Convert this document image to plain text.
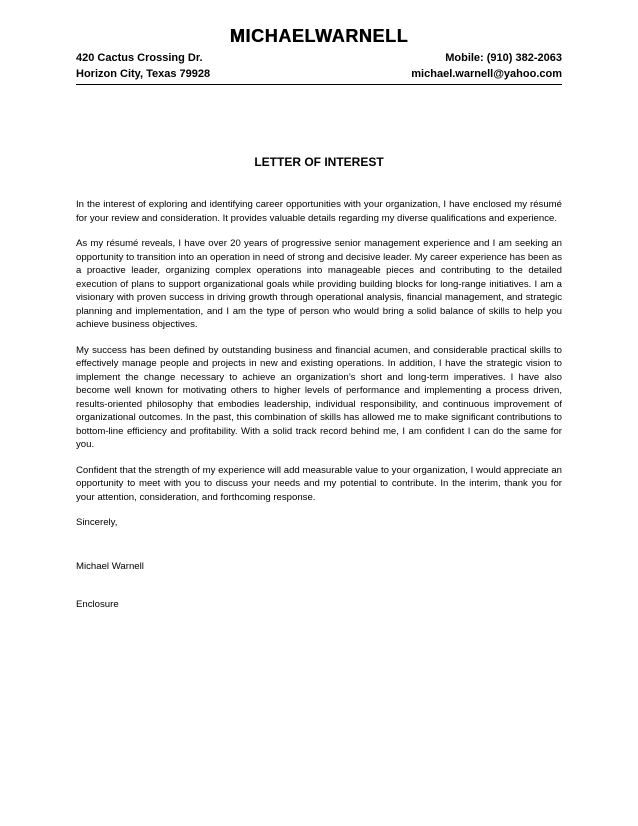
MICHAELWARNELL
420 Cactus Crossing Dr.
Horizon City, Texas 79928
Mobile: (910) 382-2063
michael.warnell@yahoo.com
LETTER OF INTEREST

In the interest of exploring and identifying career opportunities with your organization, I have enclosed my résumé for your review and consideration. It provides valuable details regarding my diverse qualifications and experience.

As my résumé reveals, I have over 20 years of progressive senior management experience and I am seeking an opportunity to transition into an operation in need of strong and decisive leader. My career experience has been as a proactive leader, organizing complex operations into manageable pieces and contributing to the detailed execution of plans to support organizational goals while providing building blocks for long-range initiatives. I am a visionary with proven success in driving growth through operational analysis, financial management, and strategic planning and implementation, and I am the type of person who would bring a solid balance of skills to help you achieve business objectives.

My success has been defined by outstanding business and financial acumen, and considerable practical skills to effectively manage people and projects in new and existing operations. In addition, I have the strategic vision to implement the change necessary to achieve an organization’s short and long-term imperatives. I have also become well known for motivating others to higher levels of performance and implementing a process driven, results-oriented philosophy that embodies leadership, individual responsibility, and continuous improvement of organizational outcomes. In the past, this combination of skills has allowed me to make significant contributions to bottom-line efficiency and profitability. With a solid track record behind me, I am confident I can do the same for you.

Confident that the strength of my experience will add measurable value to your organization, I would appreciate an opportunity to meet with you to discuss your needs and my potential to contribute. In the interim, thank you for your attention, consideration, and forthcoming response.

Sincerely,

Michael Warnell

Enclosure
